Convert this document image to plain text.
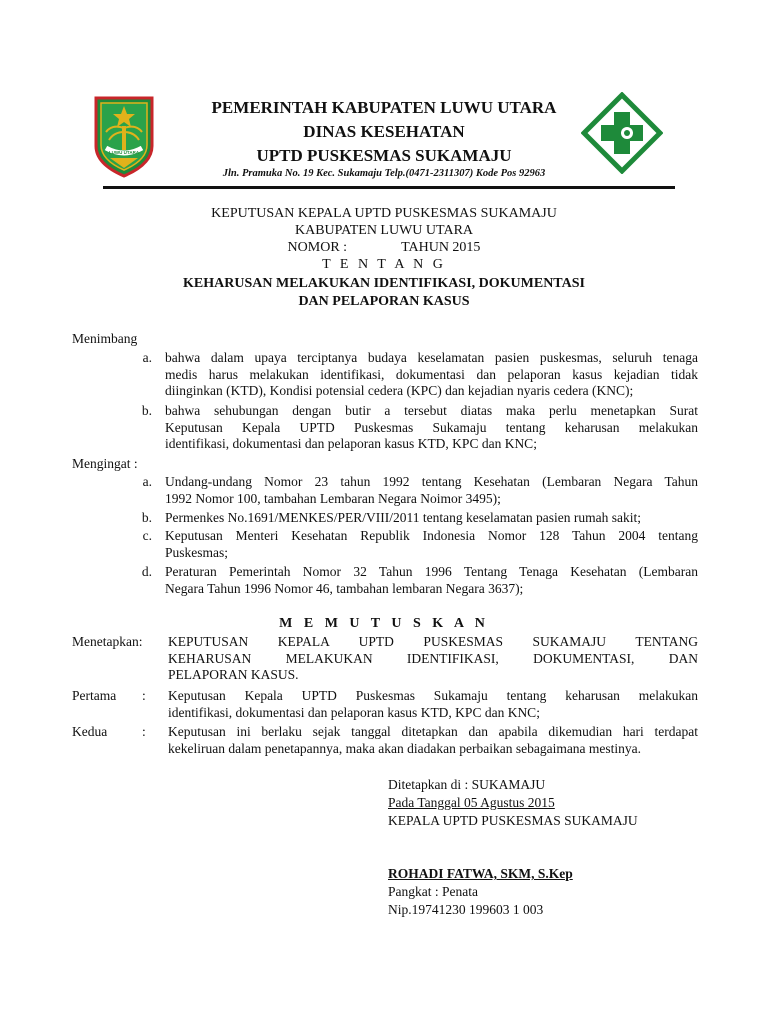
LUWU UTARA
PEMERINTAH KABUPATEN LUWU UTARA
DINAS KESEHATAN
UPTD PUSKESMAS SUKAMAJU
Jln. Pramuka No. 19 Kec. Sukamaju Telp.(0471-2311307) Kode Pos 92963
KEPUTUSAN KEPALA UPTD PUSKESMAS SUKAMAJU
KABUPATEN LUWU UTARA
NOMOR :	TAHUN 2015
T E N T A N G
KEHARUSAN MELAKUKAN IDENTIFIKASI, DOKUMENTASI
DAN PELAPORAN KASUS
Menimbang
a. bahwa dalam upaya terciptanya budaya keselamatan pasien puskesmas, seluruh tenaga
medis harus melakukan identifikasi, dokumentasi dan pelaporan kasus kejadian tidak
diinginkan (KTD), Kondisi potensial cedera (KPC) dan kejadian nyaris cedera (KNC);
b. bahwa sehubungan dengan butir a tersebut diatas maka perlu menetapkan Surat
Keputusan Kepala UPTD Puskesmas Sukamaju tentang keharusan melakukan
identifikasi, dokumentasi dan pelaporan kasus KTD, KPC dan KNC;
Mengingat :
a. Undang-undang Nomor 23 tahun 1992 tentang Kesehatan (Lembaran Negara Tahun
1992 Nomor 100, tambahan Lembaran Negara Noimor 3495);
b. Permenkes No.1691/MENKES/PER/VIII/2011 tentang keselamatan pasien rumah sakit;
c. Keputusan Menteri Kesehatan Republik Indonesia Nomor 128 Tahun 2004 tentang
Puskesmas;
d. Peraturan Pemerintah Nomor 32 Tahun 1996 Tentang Tenaga Kesehatan (Lembaran
Negara Tahun 1996 Nomor 46, tambahan lembaran Negara 3637);
M E M U T U S K A N
Menetapkan: KEPUTUSAN KEPALA UPTD PUSKESMAS SUKAMAJU TENTANG
KEHARUSAN MELAKUKAN IDENTIFIKASI, DOKUMENTASI, DAN
PELAPORAN KASUS.
Pertama : Keputusan Kepala UPTD Puskesmas Sukamaju tentang keharusan melakukan
identifikasi, dokumentasi dan pelaporan kasus KTD, KPC dan KNC;
Kedua	: Keputusan ini berlaku sejak tanggal ditetapkan dan apabila dikemudian hari terdapat
kekeliruan dalam penetapannya, maka akan diadakan perbaikan sebagaimana mestinya.
Ditetapkan di : SUKAMAJU
Pada Tanggal 05 Agustus 2015
KEPALA UPTD PUSKESMAS SUKAMAJU
ROHADI FATWA, SKM, S.Kep
Pangkat : Penata
Nip.19741230 199603 1 003
